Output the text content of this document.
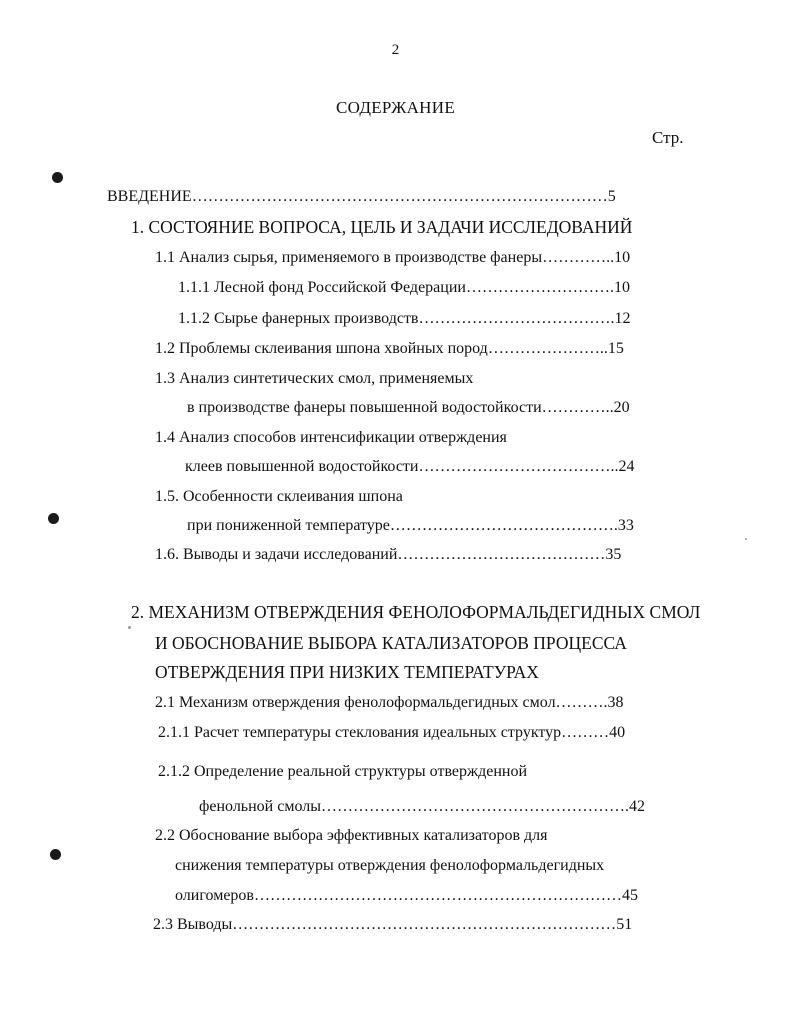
2
СОДЕРЖАНИЕ
Стр.
ВВЕДЕНИЕ……………………………………………………………………5
1. СОСТОЯНИЕ ВОПРОСА, ЦЕЛЬ И ЗАДАЧИ ИССЛЕДОВАНИЙ
1.1 Анализ сырья, применяемого в производстве фанеры…………..10
1.1.1 Лесной фонд Российской Федерации……………………….10
1.1.2 Сырье фанерных производств……………………………….12
1.2 Проблемы склеивания шпона хвойных пород…………………..15
1.3 Анализ синтетических смол, применяемых
в производстве фанеры повышенной водостойкости…………..20
1.4 Анализ способов интенсификации отверждения
клеев повышенной водостойкости………………………………..24
1.5. Особенности склеивания шпона
при пониженной температуре…………………………………….33
1.6. Выводы и задачи исследований…………………………………35
2. МЕХАНИЗМ ОТВЕРЖДЕНИЯ ФЕНОЛОФОРМАЛЬДЕГИДНЫХ СМОЛ
И ОБОСНОВАНИЕ ВЫБОРА КАТАЛИЗАТОРОВ ПРОЦЕССА
ОТВЕРЖДЕНИЯ ПРИ НИЗКИХ ТЕМПЕРАТУРАХ
2.1 Механизм отверждения фенолоформальдегидных смол……….38
2.1.1 Расчет температуры стеклования идеальных структур………40
2.1.2 Определение реальной структуры отвержденной
фенольной смолы………………………………………………….42
2.2 Обоснование выбора эффективных катализаторов для
снижения температуры отверждения фенолоформальдегидных
олигомеров……………………………………………………………45
2.3 Выводы………………………………………………………………51
